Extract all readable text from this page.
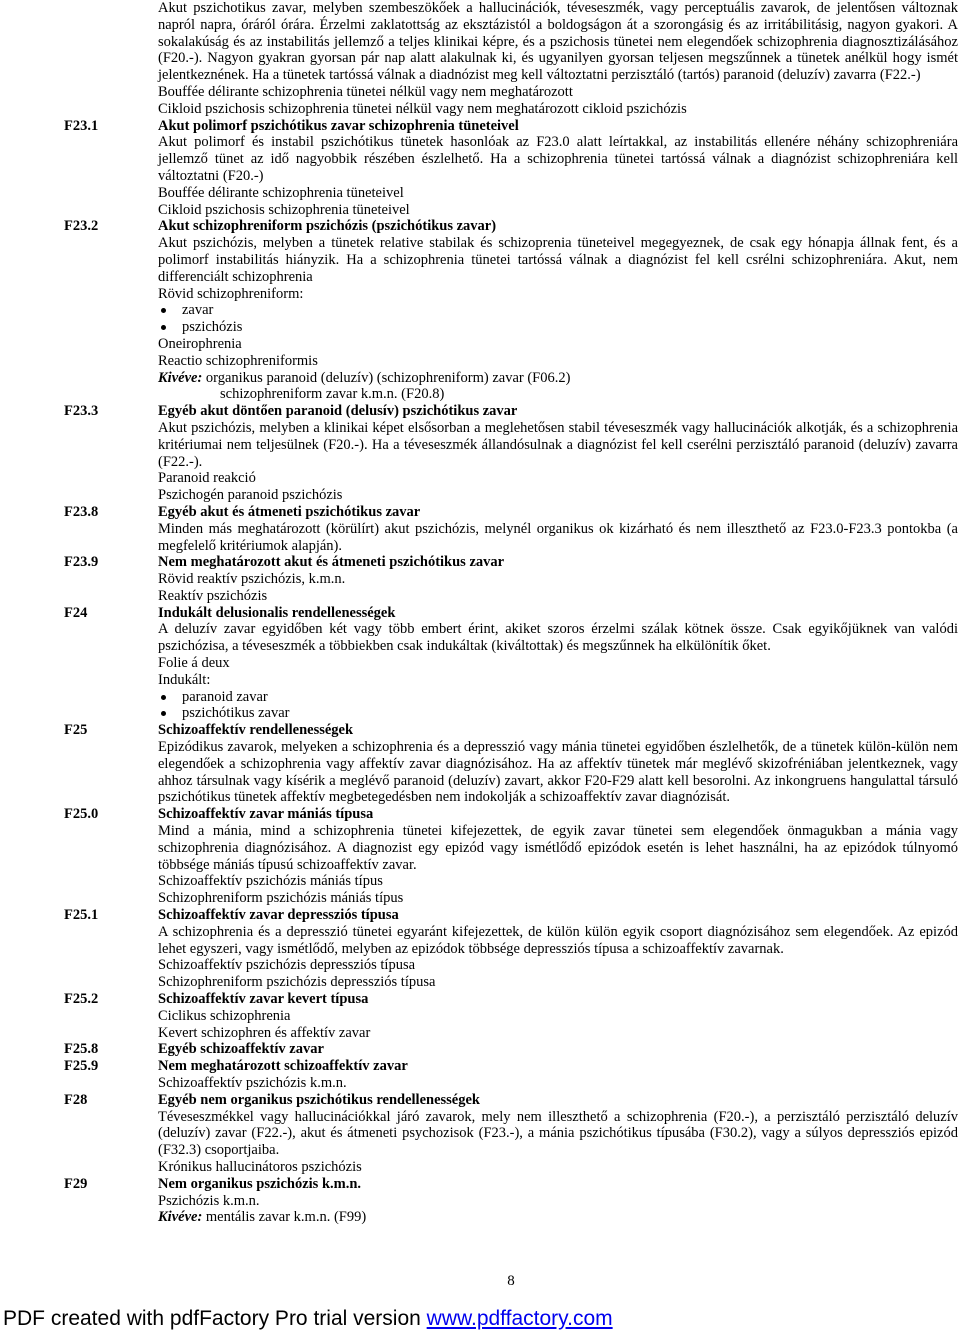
Akut pszichotikus zavar, melyben szembeszökőek a hallucinációk, téveseszmék, vagy perceptuális zavarok, de jelentősen változnak napról napra, óráról órára. Érzelmi zaklatottság az eksztázistól a boldogságon át a szorongásig és az irritábilitásig, nagyon gyakori. A sokalakúság és az instabilitás jellemző a teljes klinikai képre, és a pszichosis tünetei nem elegendőek schizophrenia diagnosztizálásához (F20.-). Nagyon gyakran gyorsan pár nap alatt alakulnak ki, és ugyanilyen gyorsan teljesen megszűnnek a tünetek anélkül hogy ismét jelentkeznének. Ha a tünetek tartóssá válnak a diadnózist meg kell változtatni perzisztáló (tartós) paranoid (deluzív) zavarra (F22.-)

Bouffée délirante schizophrenia tünetei nélkül vagy nem meghatározott
Cikloid pszichosis schizophrenia tünetei nélkül vagy nem meghatározott cikloid pszichózis
F23.1	Akut polimorf pszichótikus zavar schizophrenia tüneteivel

Akut polimorf és instabil pszichótikus tünetek hasonlóak az F23.0 alatt leírtakkal, az instabilitás ellenére néhány schizophreniára jellemző tünet az idő nagyobbik részében észlelhető. Ha a schizophrenia tünetei tartóssá válnak a diagnózist schizophreniára kell változtatni (F20.-)

Bouffée délirante schizophrenia tüneteivel
Cikloid pszichosis schizophrenia tüneteivel
F23.2	Akut schizophreniform pszichózis (pszichótikus zavar)

Akut pszichózis, melyben a tünetek relative stabilak és schizoprenia tüneteivel megegyeznek, de csak egy hónapja állnak fent, és a polimorf instabilitás hiányzik. Ha a schizophrenia tünetei tartóssá válnak a diagnózist fel kell csrélni schizophreniára. Akut, nem differenciált schizophrenia

Rövid schizophreniform:
zavar
pszichózis
Oneirophrenia
Reactio schizophreniformis
Kivéve: organikus paranoid (deluzív) (schizophreniform) zavar (F06.2)
schizophreniform zavar k.m.n. (F20.8)
F23.3	Egyéb akut döntően paranoid (delusív) pszichótikus zavar

Akut pszichózis, melyben a klinikai képet elsősorban a meglehetősen stabil téveseszmék vagy hallucinációk alkotják, és a schizophrenia kritériumai nem teljesülnek (F20.-). Ha a téveseszmék állandósulnak a diagnózist fel kell cserélni perzisztáló paranoid (deluzív) zavarra (F22.-).

Paranoid reakció
Pszichogén paranoid pszichózis
F23.8	Egyéb akut és átmeneti pszichótikus zavar

Minden más meghatározott (körülírt) akut pszichózis, melynél organikus ok kizárható és nem illeszthető az F23.0-F23.3 pontokba (a megfelelő kritériumok alapján).

F23.9	Nem meghatározott akut és átmeneti pszichótikus zavar
Rövid reaktív pszichózis, k.m.n.
Reaktív pszichózis
F24	Indukált delusionalis rendellenességek

A deluzív zavar egyidőben két vagy több embert érint, akiket szoros érzelmi szálak kötnek össze. Csak egyikőjüknek van valódi pszichózisa, a téveseszmék a többiekben csak indukáltak (kiváltottak) és megszűnnek ha elkülönítik őket.

Folie á deux
Indukált:
paranoid zavar
pszichótikus zavar
F25	Schizoaffektív rendellenességek

Epizódikus zavarok, melyeken a schizophrenia és a depresszió vagy mánia tünetei egyidőben észlelhetők, de a tünetek külön-külön nem elegendőek a schizophrenia vagy affektív zavar diagnózisához. Ha az affektív tünetek már meglévő skizofréniában jelentkeznek, vagy ahhoz társulnak vagy kísérik a meglévő paranoid (deluzív) zavart, akkor F20-F29 alatt kell besorolni. Az inkongruens hangulattal társuló pszichótikus tünetek affektív megbetegedésben nem indokolják a schizoaffektív zavar diagnózisát.

F25.0	Schizoaffektív zavar mániás típusa

Mind a mánia, mind a schizophrenia tünetei kifejezettek, de egyik zavar tünetei sem elegendőek önmagukban a mánia vagy schizophrenia diagnózisához. A diagnozist egy epizód vagy ismétlődő epizódok esetén is lehet használni, ha az epizódok túlnyomó többsége mániás típusú schizoaffektív zavar.

Schizoaffektív pszichózis mániás típus
Schizophreniform pszichózis mániás típus
F25.1	Schizoaffektív zavar depressziós típusa

A schizophrenia és a depresszió tünetei egyaránt kifejezettek, de külön külön egyik csoport diagnózisához sem elegendőek. Az epizód lehet egyszeri, vagy ismétlődő, melyben az epizódok többsége depressziós típusa a schizoaffektív zavarnak.

Schizoaffektív pszichózis depressziós típusa
Schizophreniform pszichózis depressziós típusa
F25.2	Schizoaffektív zavar kevert típusa
Ciclikus schizophrenia
Kevert schizophren és affektív zavar
F25.8	Egyéb schizoaffektív zavar
F25.9	Nem meghatározott schizoaffektív zavar
Schizoaffektív pszichózis k.m.n.
F28	Egyéb nem organikus pszichótikus rendellenességek

Téveseszmékkel vagy hallucinációkkal járó zavarok, mely nem illeszthető a schizophrenia (F20.-), a perzisztáló perzisztáló deluzív (deluzív) zavar (F22.-), akut és átmeneti psychozisok (F23.-), a mánia pszichótikus típusába (F30.2), vagy a súlyos depressziós epizód (F32.3) csoportjaiba.

Krónikus hallucinátoros pszichózis
F29	Nem organikus pszichózis k.m.n.
Pszichózis k.m.n.
Kivéve: mentális zavar k.m.n. (F99)
8
PDF created with pdfFactory Pro trial version www.pdffactory.com
